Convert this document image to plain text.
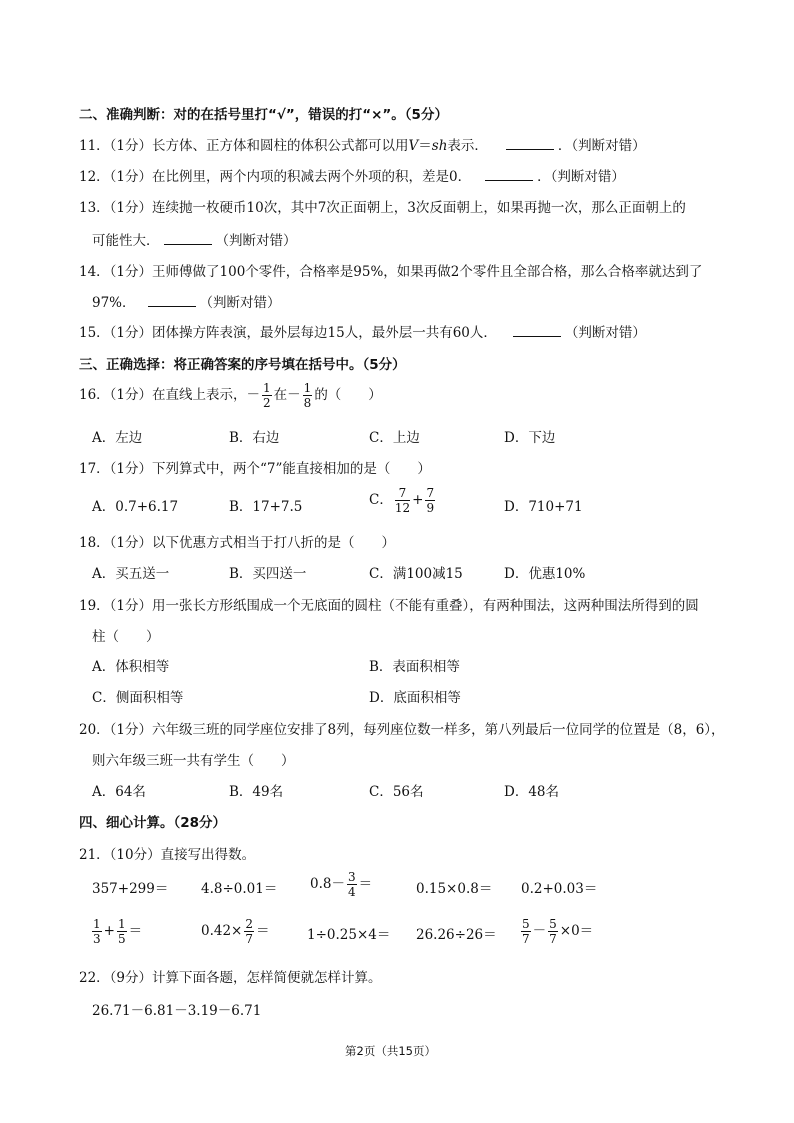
二、准确判断：对的在括号里打“√”，错误的打“×”。（5分）
11．（1分）长方体、正方体和圆柱的体积公式都可以用V＝sh表示．	．（判断对错）
12．（1分）在比例里，两个内项的积减去两个外项的积，差是0．	．（判断对错）
13．（1分）连续抛一枚硬币10次，其中7次正面朝上，3次反面朝上，如果再抛一次，那么正面朝上的
可能性大．	（判断对错）
14．（1分）王师傅做了100个零件，合格率是95%，如果再做2个零件且全部合格，那么合格率就达到了
97%．	（判断对错）
15．（1分）团体操方阵表演，最外层每边15人，最外层一共有60人．	（判断对错）
三、正确选择：将正确答案的序号填在括号中。（5分）
16．（1分）在直线上表示，－ $\frac{1}{2}$ 在－ $\frac{1}{8}$ 的（　　）
A．左边	B．右边	C．上边	D．下边
17．（1分）下列算式中，两个“7”能直接相加的是（　　）
A．0.7+6.17	B．17+7.5	C． $\frac{7}{12} + \frac{7}{9}$	D．710+71
18．（1分）以下优惠方式相当于打八折的是（　　）
A．买五送一	B．买四送一	C．满100减15	D．优惠10%
19．（1分）用一张长方形纸围成一个无底面的圆柱（不能有重叠），有两种围法，这两种围法所得到的圆
柱（　　）
A．体积相等	B．表面积相等
C．侧面积相等	D．底面积相等
20．（1分）六年级三班的同学座位安排了8列，每列座位数一样多，第八列最后一位同学的位置是（8，6），
则六年级三班一共有学生（　　）
A．64名	B．49名	C．56名	D．48名
四、细心计算。（28分）
21．（10分）直接写出得数。
$357+299= 4.8\div 0.01= 0.8- \frac{3}{4}$ ＝	0.15×0.8＝ 0.2+0.03＝
$\frac{1}{3} + \frac{1}{5}$ ＝	$0.42\times \frac{2}{7}$ ＝	$1\div 0.25\times 4= 26.26\div 26= \frac{5}{7} - \frac{5}{7} \times 0=$
22．（9分）计算下面各题，怎样简便就怎样计算。
26.71－6.81－3.19－6.71
第2页（共15页）
